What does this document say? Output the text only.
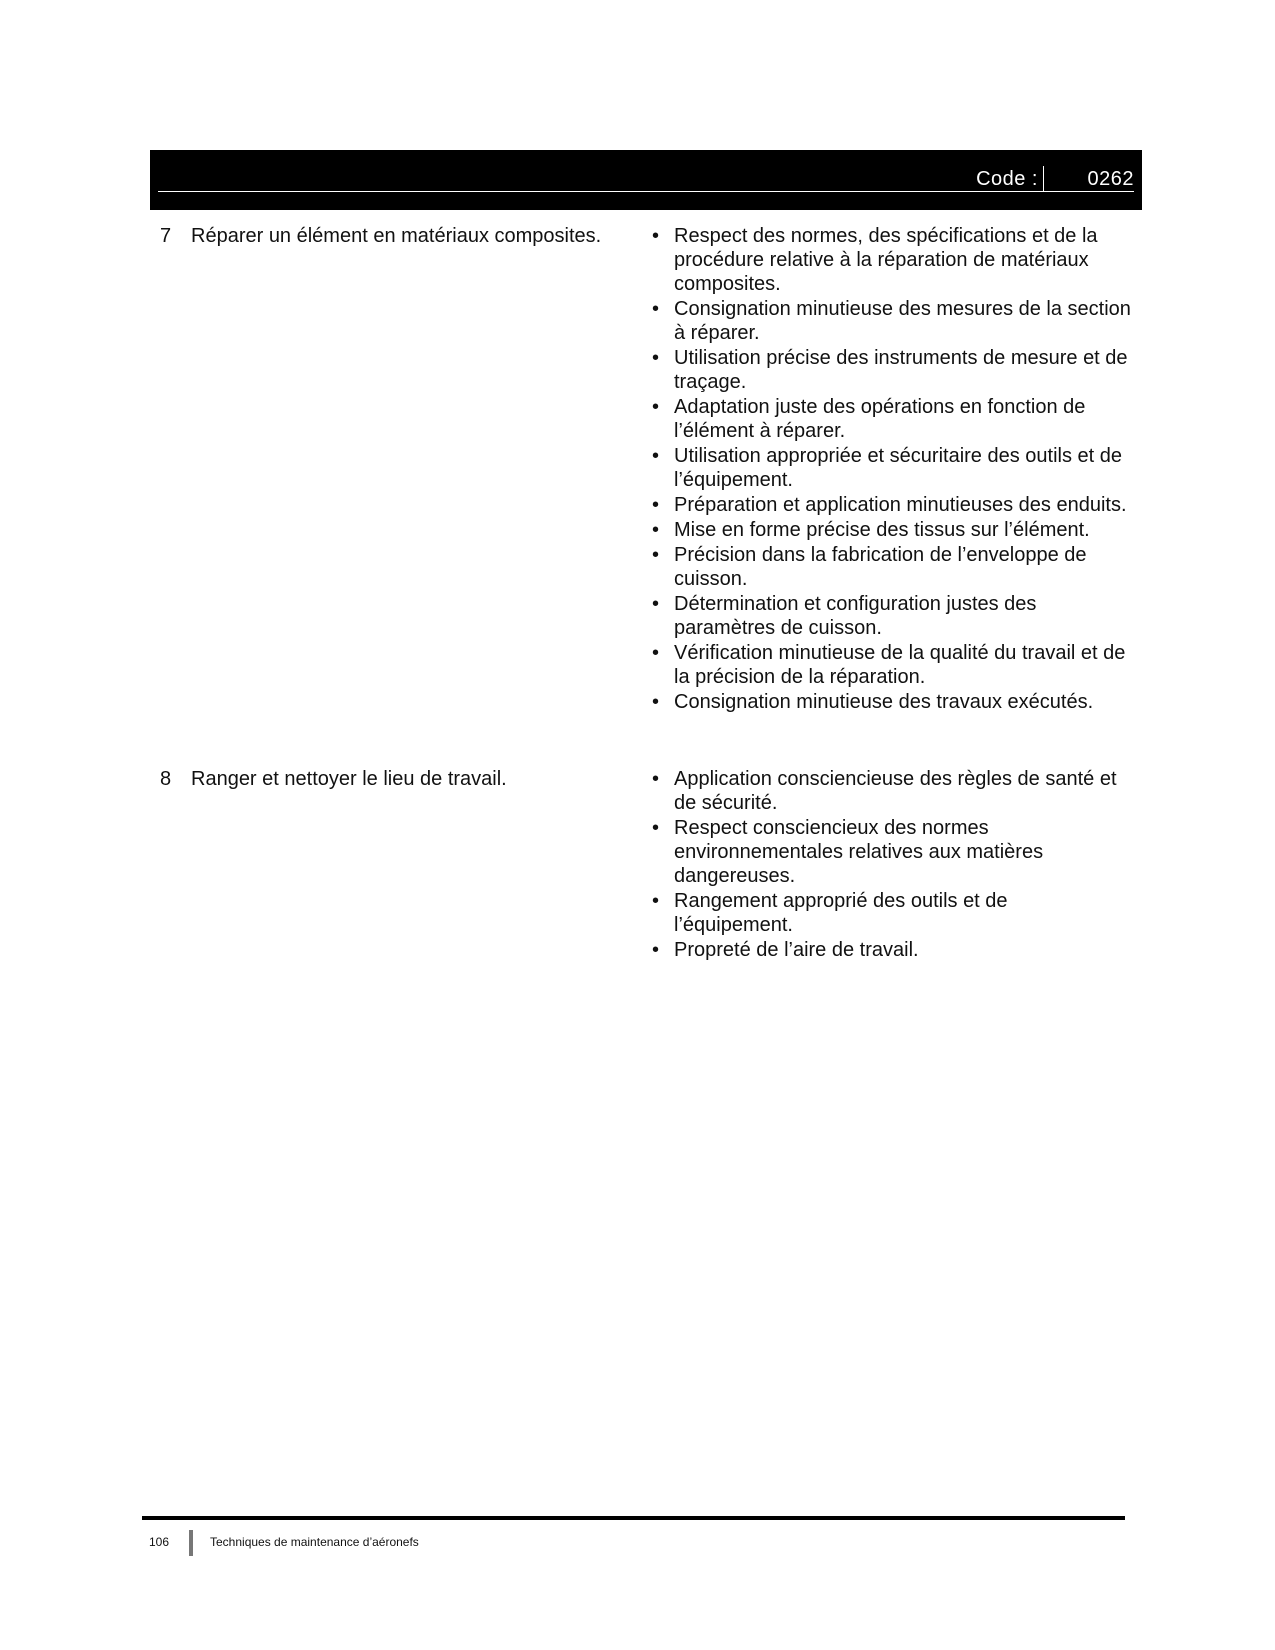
Code : 0262
7 Réparer un élément en matériaux composites.	• Respect des normes, des spécifications et de la procédure relative à la réparation de matériaux composites.
• Consignation minutieuse des mesures de la section à réparer.
• Utilisation précise des instruments de mesure et de traçage.
• Adaptation juste des opérations en fonction de l’élément à réparer.
• Utilisation appropriée et sécuritaire des outils et de l’équipement.
• Préparation et application minutieuses des enduits.
• Mise en forme précise des tissus sur l’élément.
• Précision dans la fabrication de l’enveloppe de cuisson.
• Détermination et configuration justes des paramètres de cuisson.
• Vérification minutieuse de la qualité du travail et de la précision de la réparation.
• Consignation minutieuse des travaux exécutés.
8 Ranger et nettoyer le lieu de travail.	• Application consciencieuse des règles de santé et de sécurité.
• Respect consciencieux des normes environnementales relatives aux matières dangereuses.
• Rangement approprié des outils et de l’équipement.
• Propreté de l’aire de travail.
106	Techniques de maintenance d’aéronefs
